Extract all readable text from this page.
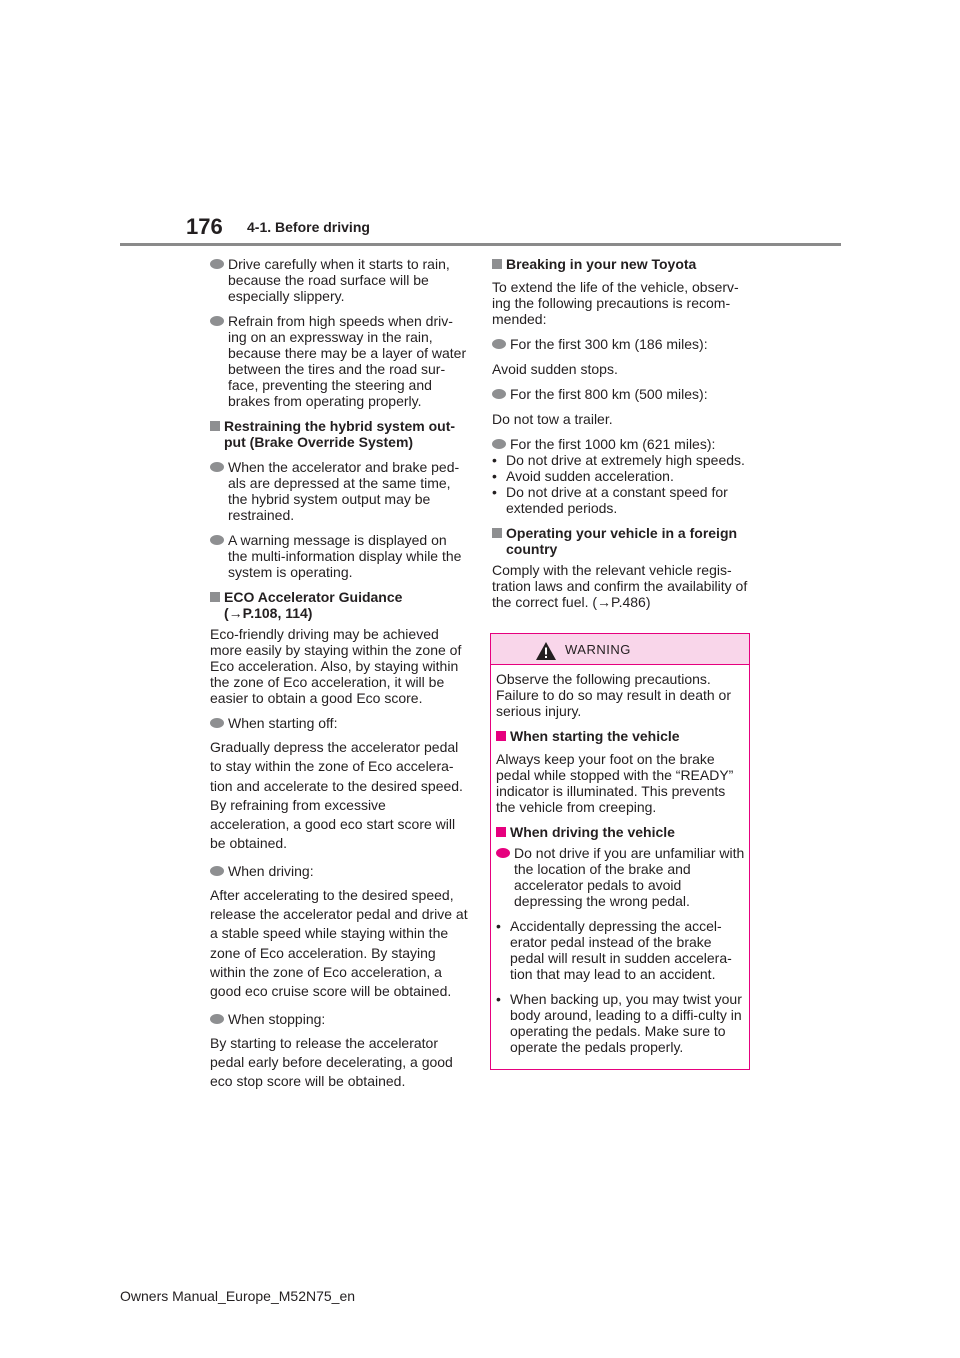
176 4-1. Before driving
Drive carefully when it starts to rain, because the road surface will be especially slippery.
Refrain from high speeds when driv-ing on an expressway in the rain, because there may be a layer of water between the tires and the road sur-face, preventing the steering and brakes from operating properly.
Restraining the hybrid system out-put (Brake Override System)
When the accelerator and brake ped-als are depressed at the same time, the hybrid system output may be restrained.
A warning message is displayed on the multi-information display while the system is operating.
ECO Accelerator Guidance
(→P.108, 114)
Eco-friendly driving may be achieved more easily by staying within the zone of Eco acceleration. Also, by staying within the zone of Eco acceleration, it will be easier to obtain a good Eco score.
When starting off:
Gradually depress the accelerator pedal to stay within the zone of Eco accelera-tion and accelerate to the desired speed. By refraining from excessive acceleration, a good eco start score will be obtained.
When driving:
After accelerating to the desired speed, release the accelerator pedal and drive at a stable speed while staying within the zone of Eco acceleration. By staying within the zone of Eco acceleration, a good eco cruise score will be obtained.
When stopping:
By starting to release the accelerator pedal early before decelerating, a good eco stop score will be obtained.
Breaking in your new Toyota
To extend the life of the vehicle, observ-ing the following precautions is recom-mended:
For the first 300 km (186 miles):
Avoid sudden stops.
For the first 800 km (500 miles):
Do not tow a trailer.
For the first 1000 km (621 miles):
• Do not drive at extremely high speeds.
• Avoid sudden acceleration.
• Do not drive at a constant speed for extended periods.
Operating your vehicle in a foreign country
Comply with the relevant vehicle regis-tration laws and confirm the availability of the correct fuel. (→P.486)
WARNING
Observe the following precautions. Failure to do so may result in death or serious injury.
When starting the vehicle
Always keep your foot on the brake pedal while stopped with the “READY” indicator is illuminated. This prevents the vehicle from creeping.
When driving the vehicle
Do not drive if you are unfamiliar with the location of the brake and accelerator pedals to avoid depressing the wrong pedal.
• Accidentally depressing the accel-erator pedal instead of the brake pedal will result in sudden accelera-tion that may lead to an accident.
• When backing up, you may twist your body around, leading to a diffi-culty in operating the pedals. Make sure to operate the pedals properly.
Owners Manual_Europe_M52N75_en
